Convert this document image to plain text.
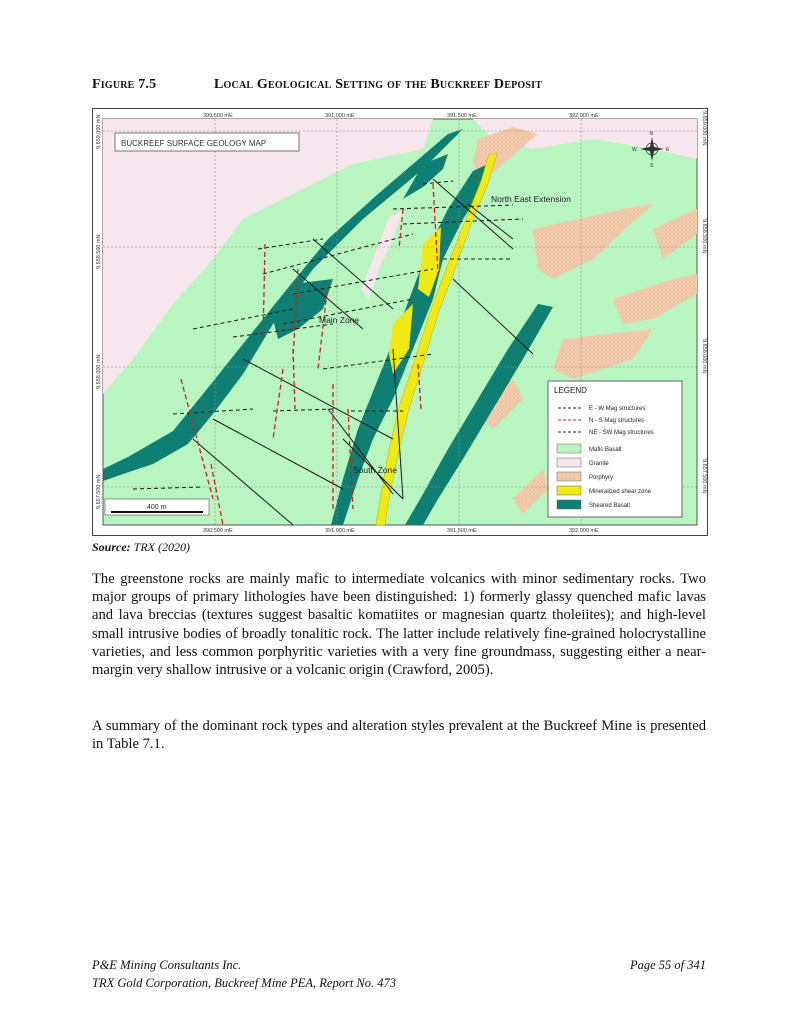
Figure 7.5	Local Geological Setting of the Buckreef Deposit
390,500 mE	391,000 mE	391,500 mE	392,000 mE
390,500 mE	391,000 mE	391,500 mE	392,000 mE
9,659,000 mN
9,658,500 mN
9,658,000 mN
9,657,500 mN
9,659,000 mN
9,658,500 mN
9,658,000 mN
9,657,500 mN
BUCKREEF SURFACE GEOLOGY MAP
N
S
E
W
North East Extension
Main Zone
South Zone
400 m
LEGEND
E - W Mag structures
N - S Mag structures
NE - SW Mag structures
Mafic Basalt
Granite
Porphyry
Mineralized shear zone
Sheared Basalt
Source: TRX (2020)

The greenstone rocks are mainly mafic to intermediate volcanics with minor sedimentary rocks. Two major groups of primary lithologies have been distinguished: 1) formerly glassy quenched mafic lavas and lava breccias (textures suggest basaltic komatiites or magnesian quartz tholeiites); and high-level small intrusive bodies of broadly tonalitic rock. The latter include relatively fine-grained holocrystalline varieties, and less common porphyritic varieties with a very fine groundmass, suggesting either a near-margin very shallow intrusive or a volcanic origin (Crawford, 2005).

A summary of the dominant rock types and alteration styles prevalent at the Buckreef Mine is presented in Table 7.1.

P&E Mining Consultants Inc.	Page 55 of 341
TRX Gold Corporation, Buckreef Mine PEA, Report No. 473
